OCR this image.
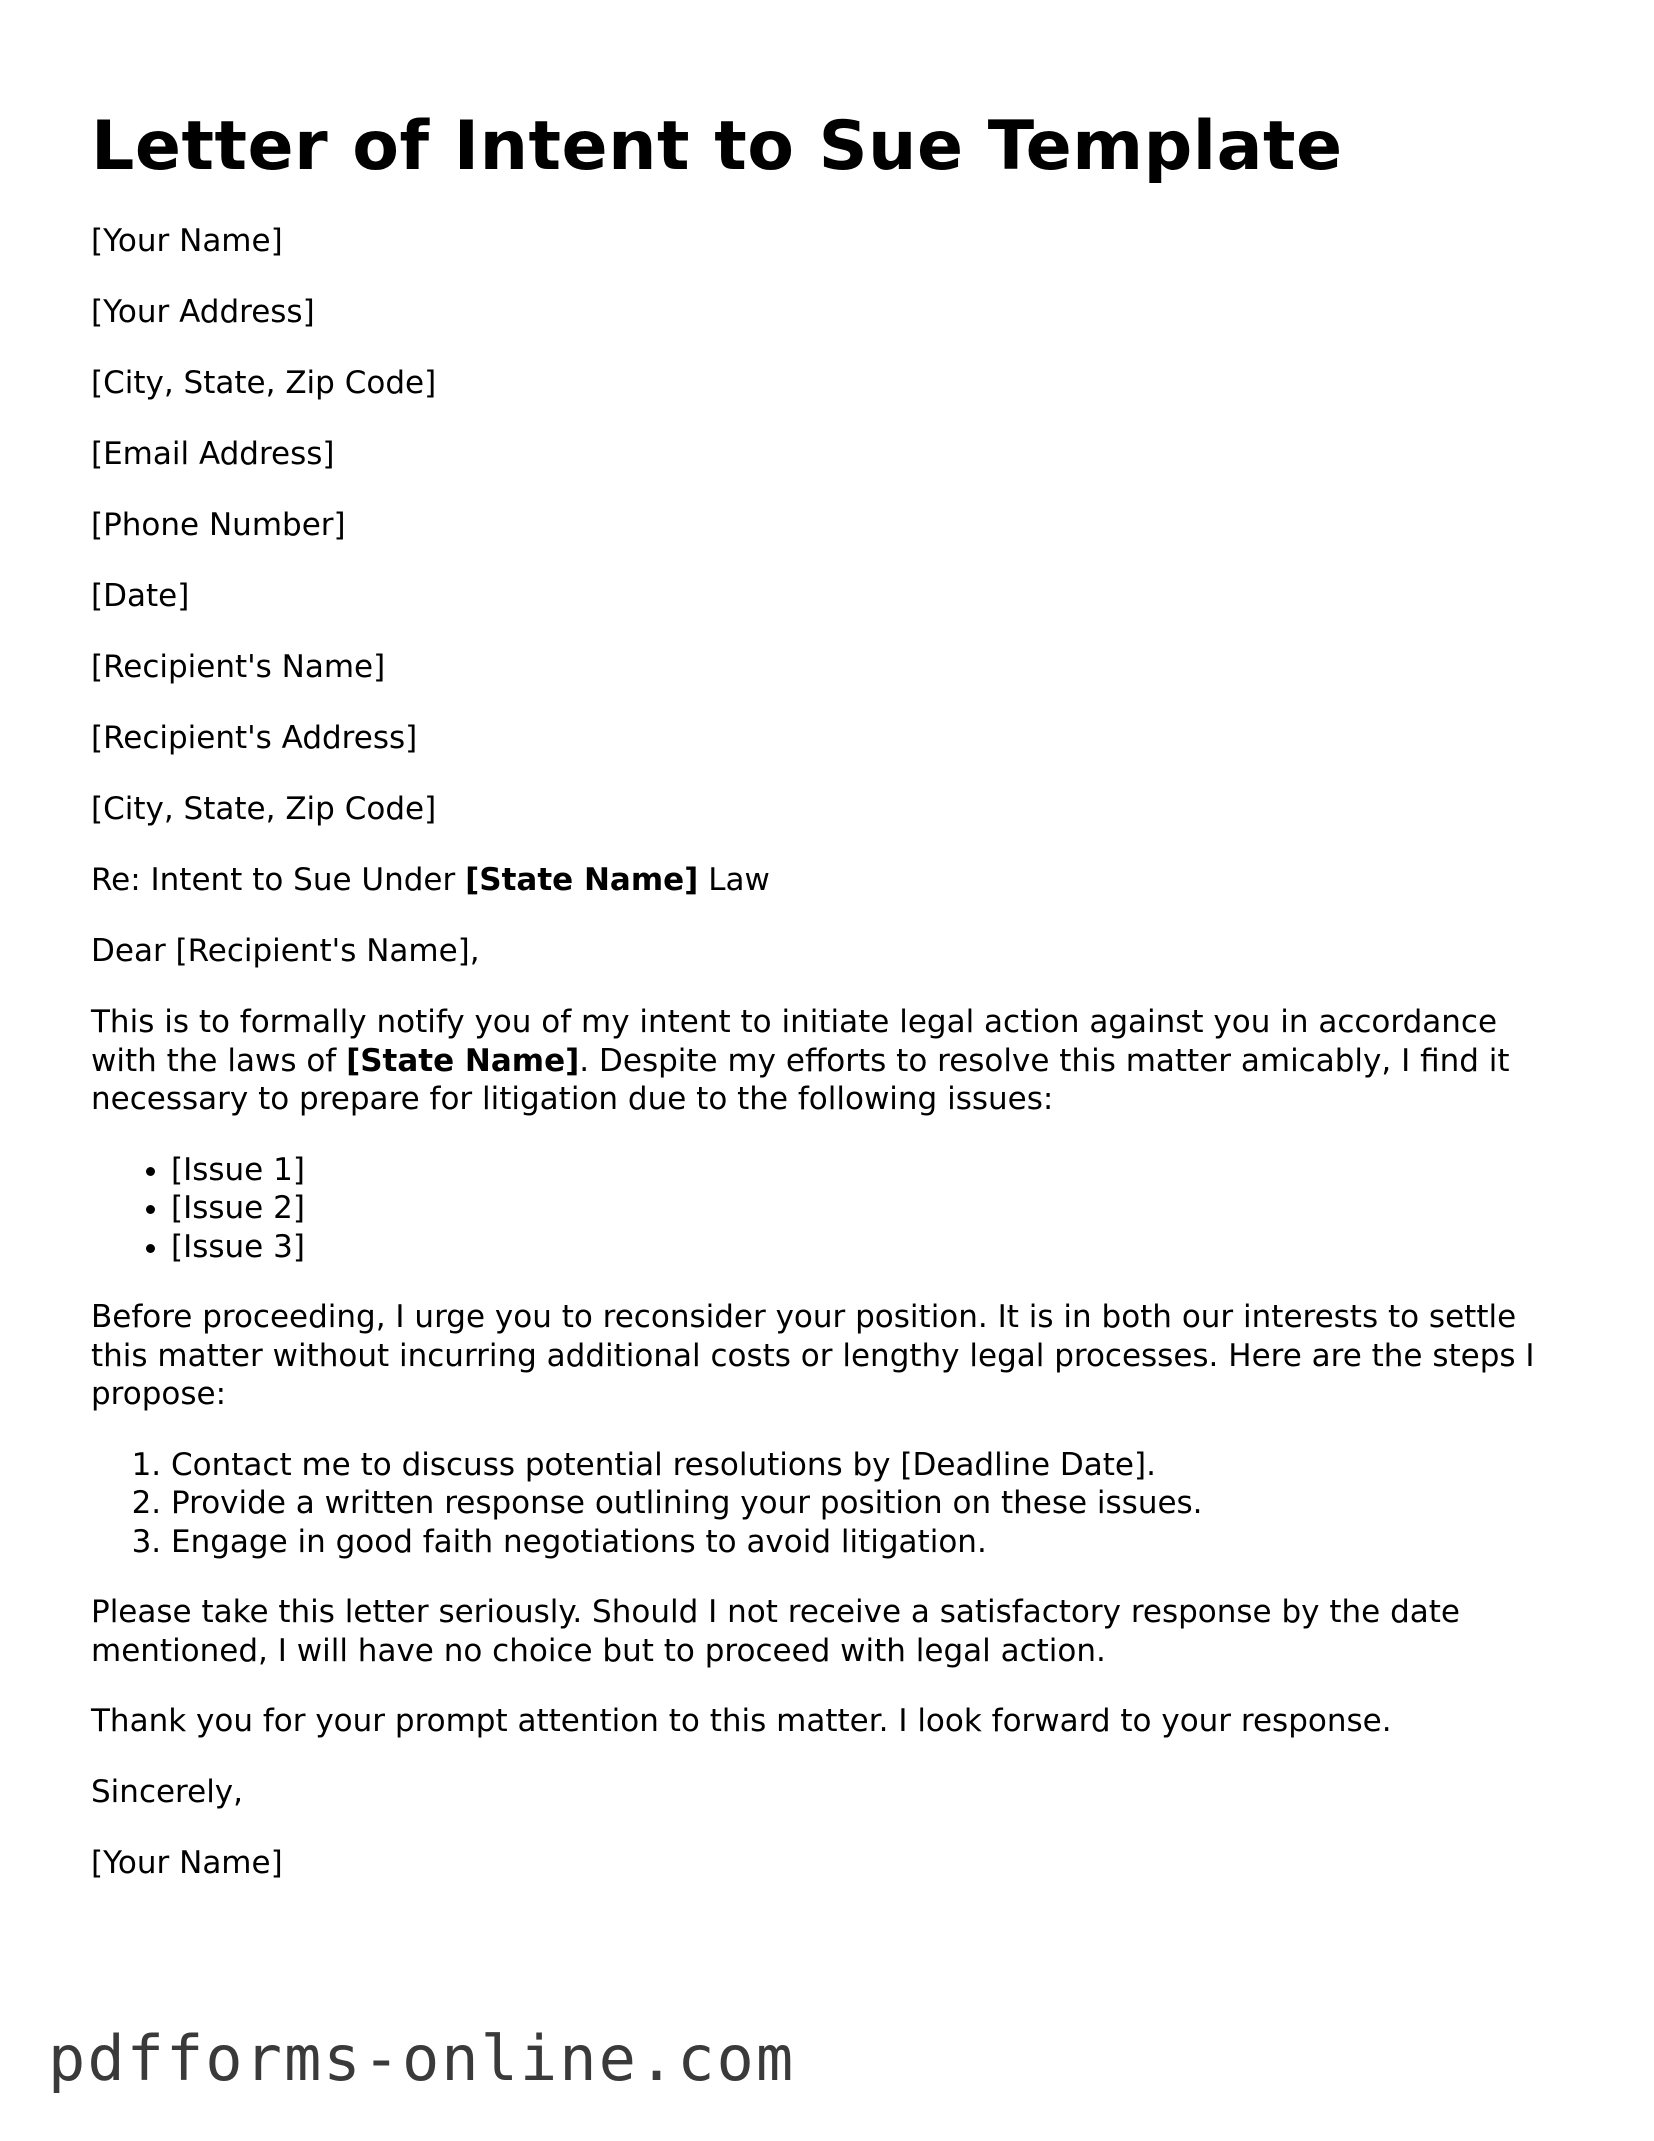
Letter of Intent to Sue Template
[Your Name]
[Your Address]
[City, State, Zip Code]
[Email Address]
[Phone Number]
[Date]
[Recipient's Name]
[Recipient's Address]
[City, State, Zip Code]
Re: Intent to Sue Under [State Name] Law
Dear [Recipient's Name],

This is to formally notify you of my intent to initiate legal action against you in accordance with the laws of [State Name]. Despite my efforts to resolve this matter amicably, I find it necessary to prepare for litigation due to the following issues:

• [Issue 1]
• [Issue 2]
• [Issue 3]

Before proceeding, I urge you to reconsider your position. It is in both our interests to settle this matter without incurring additional costs or lengthy legal processes. Here are the steps I propose:

1. Contact me to discuss potential resolutions by [Deadline Date].
2. Provide a written response outlining your position on these issues.
3. Engage in good faith negotiations to avoid litigation.

Please take this letter seriously. Should I not receive a satisfactory response by the date mentioned, I will have no choice but to proceed with legal action.

Thank you for your prompt attention to this matter. I look forward to your response.

Sincerely,
[Your Name]
pdfforms-online.com
